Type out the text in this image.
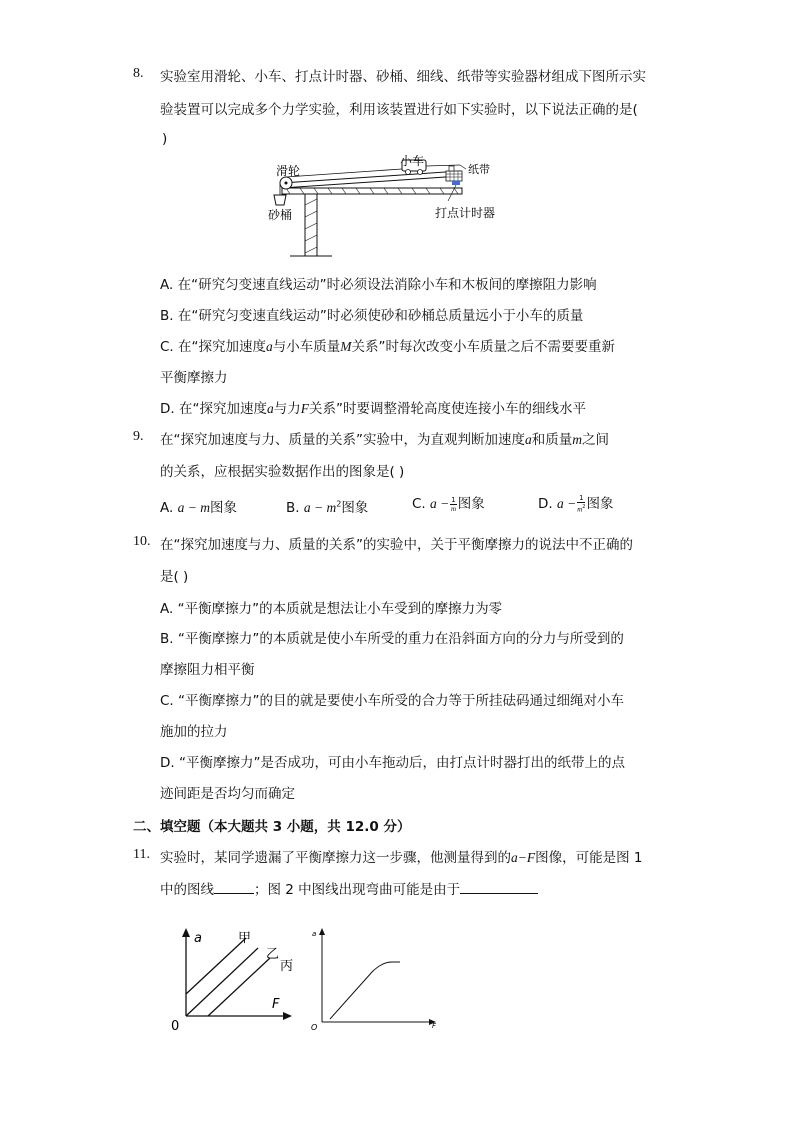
8. 实验室用滑轮、小车、打点计时器、砂桶、细线、纸带等实验器材组成下图所示实
验装置可以完成多个力学实验，利用该装置进行如下实验时，以下说法正确的是(
)
滑轮
小车
纸带
砂桶	打点计时器
A. 在“研究匀变速直线运动”时必须设法消除小车和木板间的摩擦阻力影响
B. 在“研究匀变速直线运动”时必须使砂和砂桶总质量远小于小车的质量
C. 在“探究加速度a与小车质量M关系”时每次改变小车质量之后不需要要重新
平衡摩擦力
D. 在“探究加速度a与力F关系”时要调整滑轮高度使连接小车的细线水平
9. 在“探究加速度与力、质量的关系”实验中，为直观判断加速度a和质量m之间
的关系，应根据实验数据作出的图象是( )
A. a − m图象	B. $a - m^2$图象	C. $a - \frac{1}{m}$ 图象	D. $a - \frac{1}{m^2}$ 图象
10. 在“探究加速度与力、质量的关系”的实验中，关于平衡摩擦力的说法中不正确的
是( )
A. “平衡摩擦力”的本质就是想法让小车受到的摩擦力为零
B. “平衡摩擦力”的本质就是使小车所受的重力在沿斜面方向的分力与所受到的
摩擦阻力相平衡
C. “平衡摩擦力”的目的就是要使小车所受的合力等于所挂砝码通过细绳对小车
施加的拉力
D. “平衡摩擦力”是否成功，可由小车拖动后，由打点计时器打出的纸带上的点
迹间距是否均匀而确定
二、填空题（本大题共 3 小题，共 12.0 分）
11. 实验时，某同学遗漏了平衡摩擦力这一步骤，他测量得到的a−F图像，可能是图 1
中的图线	；图 2 中图线出现弯曲可能是由于
a
F
0
甲
乙
丙
a
F
O
